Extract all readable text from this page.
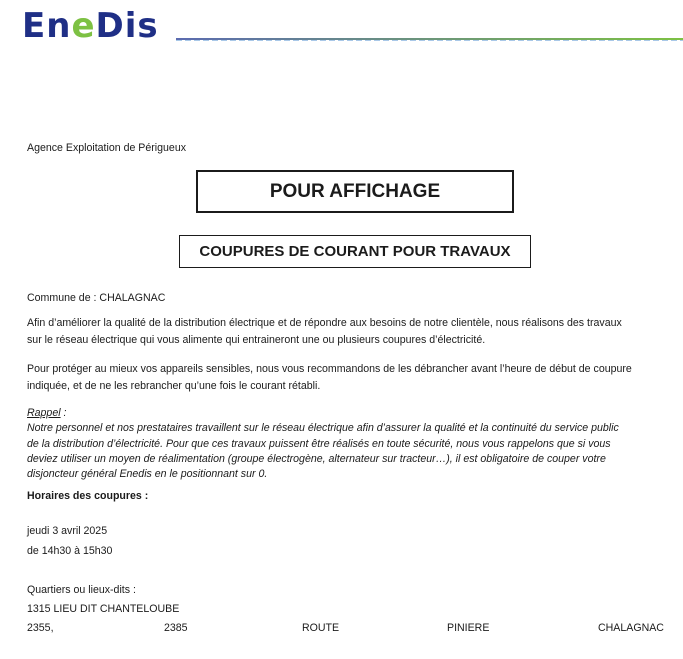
EneDis
Agence Exploitation de Périgueux
POUR AFFICHAGE
COUPURES DE COURANT POUR TRAVAUX
Commune de : CHALAGNAC
Afin d’améliorer la qualité de la distribution électrique et de répondre aux besoins de notre clientèle, nous réalisons des travaux
sur le réseau électrique qui vous alimente qui entraineront une ou plusieurs coupures d’électricité.
Pour protéger au mieux vos appareils sensibles, nous vous recommandons de les débrancher avant l’heure de début de coupure
indiquée, et de ne les rebrancher qu’une fois le courant rétabli.
Rappel :
Notre personnel et nos prestataires travaillent sur le réseau électrique afin d’assurer la qualité et la continuité du service public
de la distribution d’électricité. Pour que ces travaux puissent être réalisés en toute sécurité, nous vous rappelons que si vous
deviez utiliser un moyen de réalimentation (groupe électrogène, alternateur sur tracteur…), il est obligatoire de couper votre
disjoncteur général Enedis en le positionnant sur 0.
Horaires des coupures :
jeudi 3 avril 2025
de 14h30 à 15h30
Quartiers ou lieux-dits :
1315 LIEU DIT CHANTELOUBE
2355,	2385	ROUTE	PINIERE	CHALAGNAC
